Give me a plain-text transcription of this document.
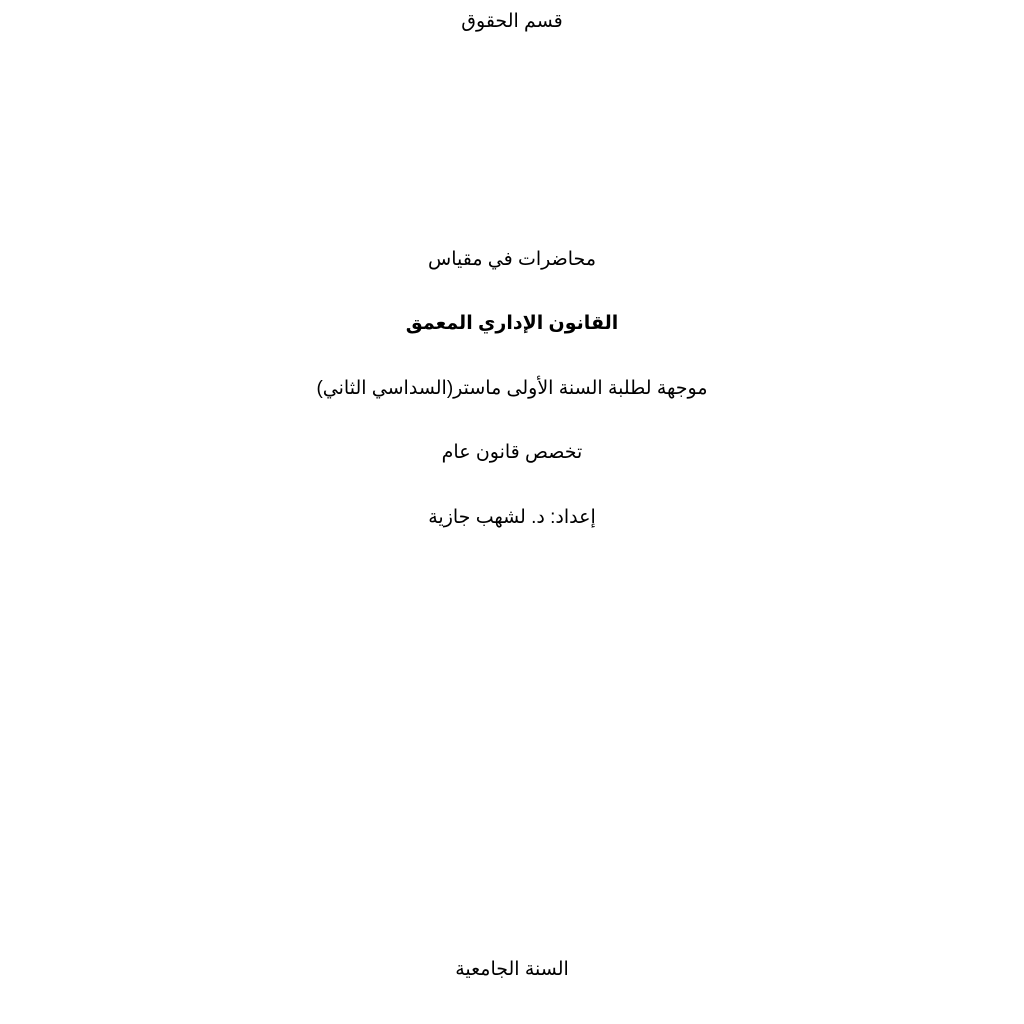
قسم الحقوق
محاضرات في مقياس
القانون الإداري المعمق
موجهة لطلبة السنة الأولى ماستر(السداسي الثاني)
تخصص قانون عام
إعداد: د. لشهب جازية
السنة الجامعية
